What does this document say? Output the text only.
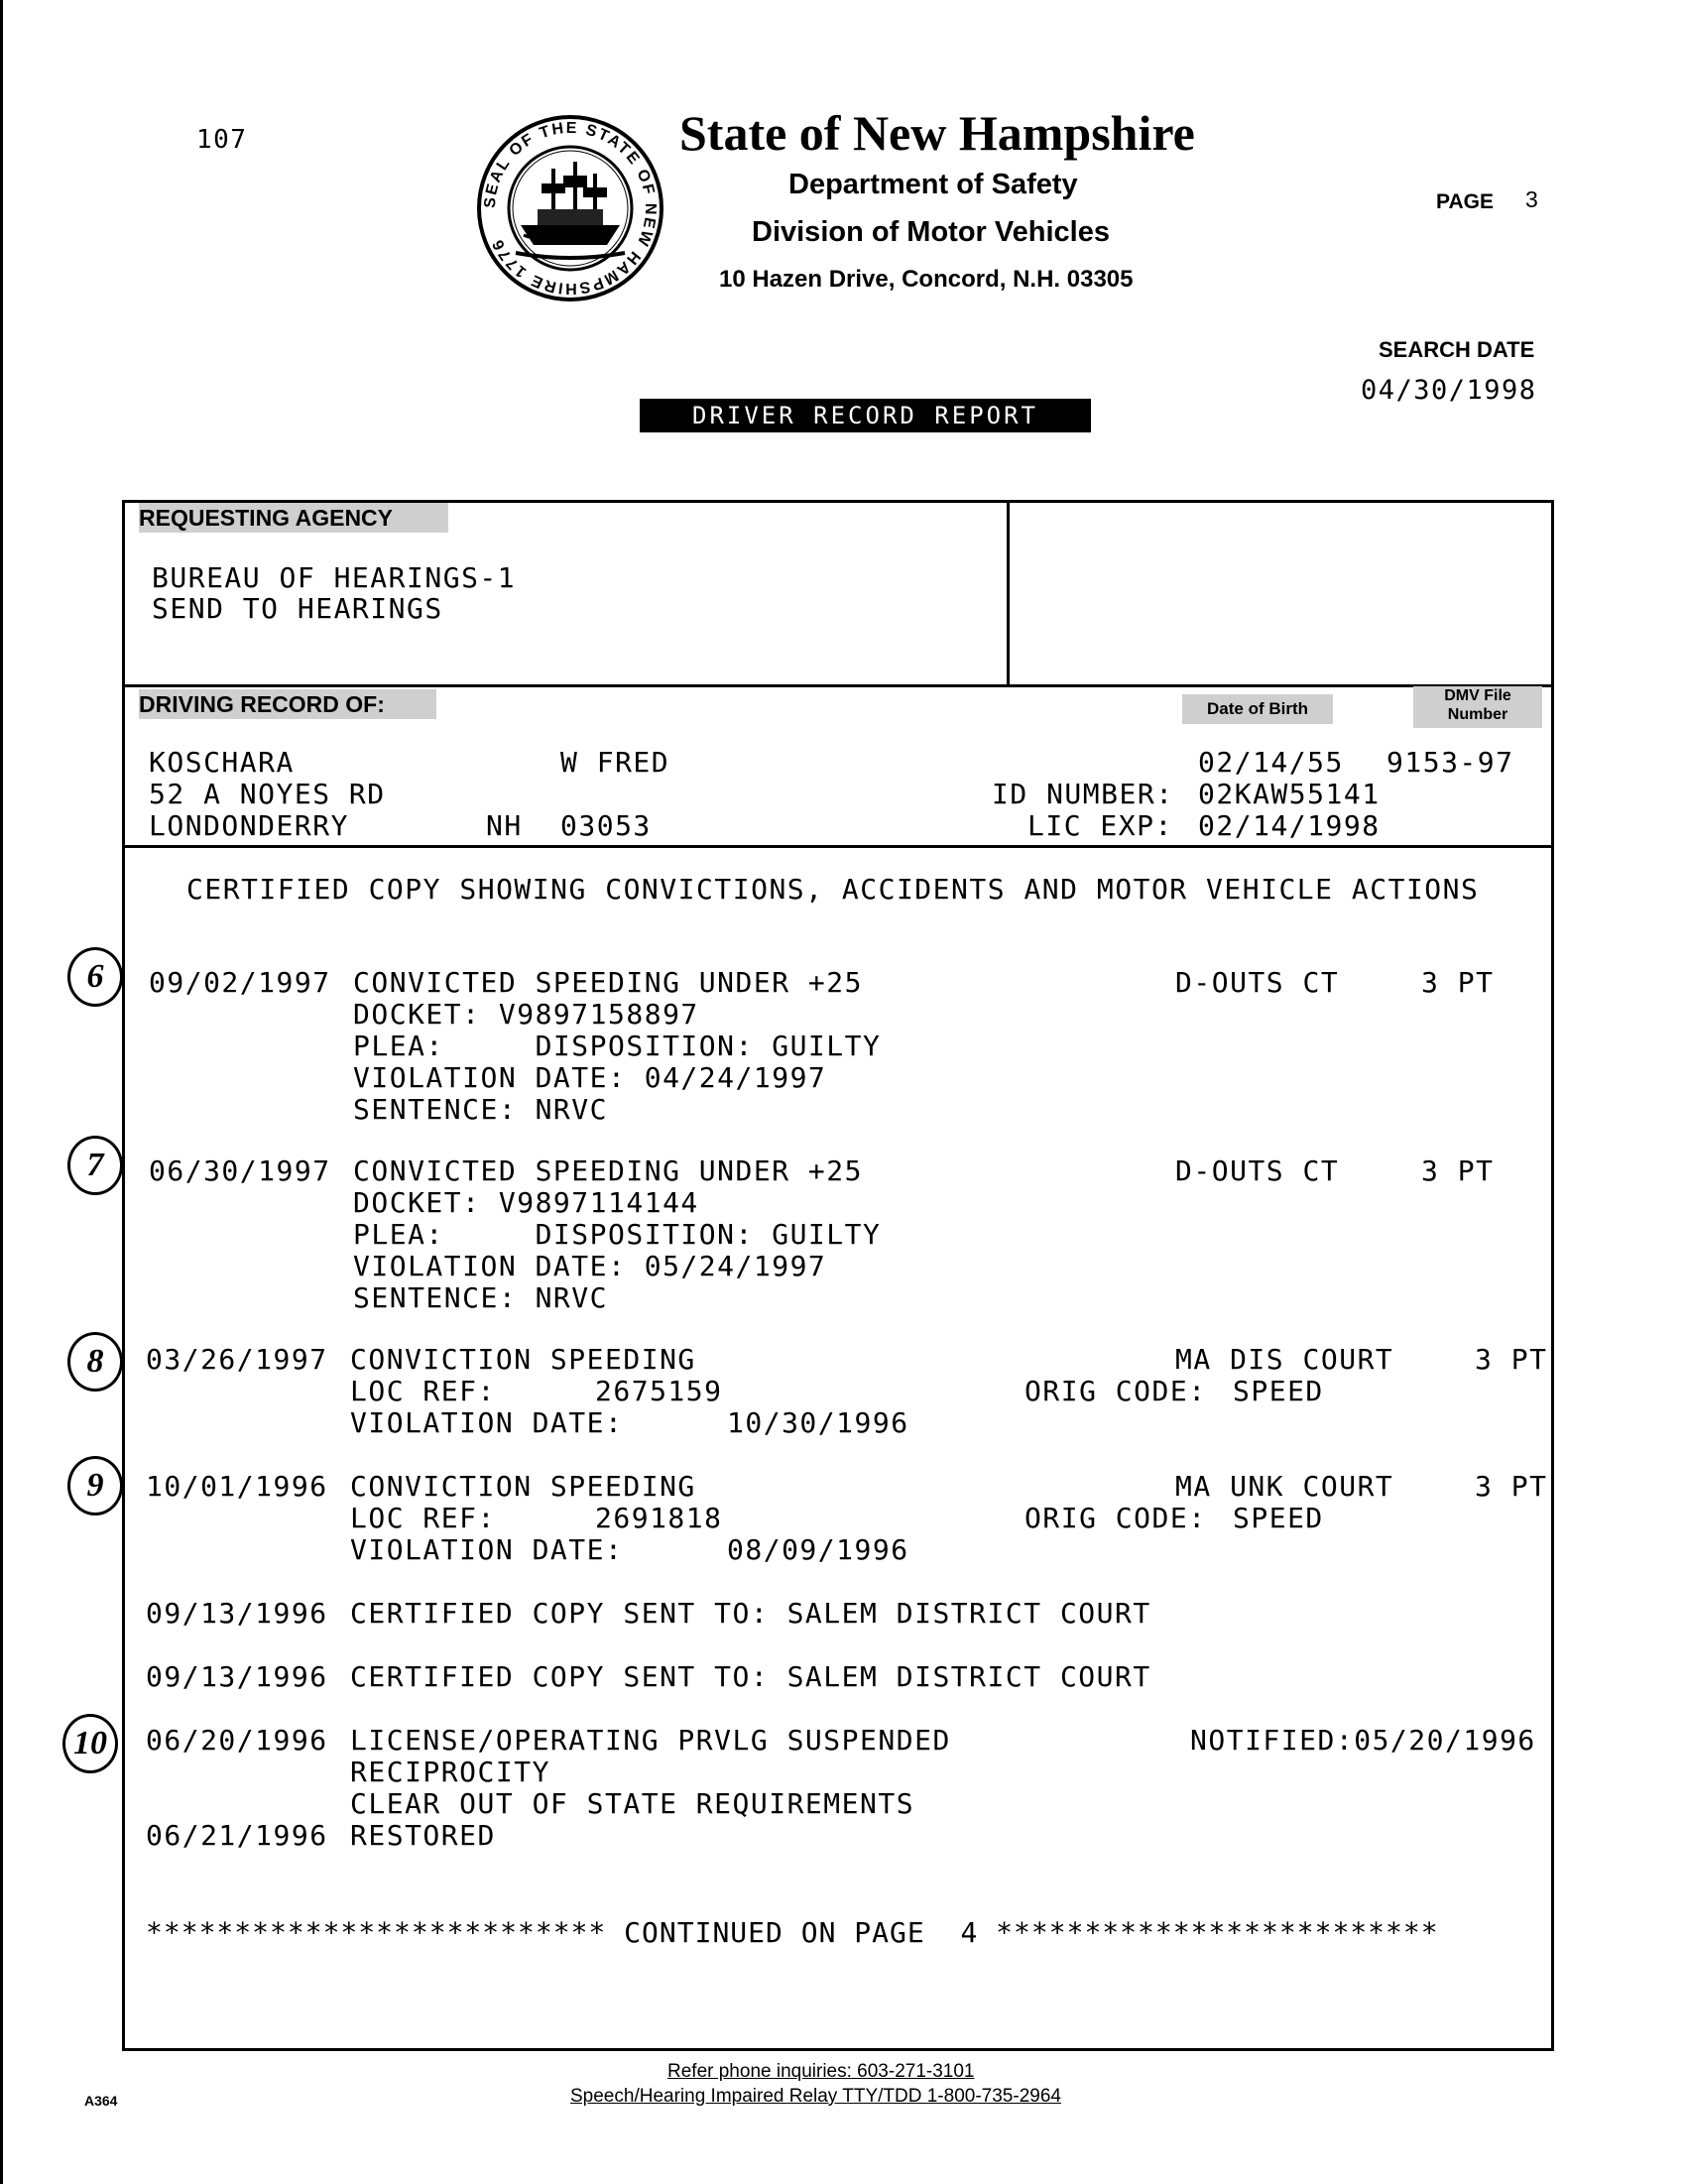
107
SEAL OF THE STATE OF NEW HAMPSHIRE 1776
State of New Hampshire
Department of Safety
Division of Motor Vehicles
10 Hazen Drive, Concord, N.H. 03305
PAGE 3
SEARCH DATE
04/30/1998
DRIVER RECORD REPORT
REQUESTING AGENCY
BUREAU OF HEARINGS-1
SEND TO HEARINGS
DRIVING RECORD OF:	Date of Birth
DMV File Number
KOSCHARA	W FRED	02/14/55 9153-97
52 A NOYES RD	ID NUMBER: 02KAW55141
LONDONDERRY	NH 03053	LIC EXP: 02/14/1998
CERTIFIED COPY SHOWING CONVICTIONS, ACCIDENTS AND MOTOR VEHICLE ACTIONS
6	09/02/1997 CONVICTED SPEEDING UNDER +25	D-OUTS CT	3 PT
DOCKET: V9897158897
PLEA:     DISPOSITION: GUILTY
VIOLATION DATE: 04/24/1997
SENTENCE: NRVC
7	06/30/1997 CONVICTED SPEEDING UNDER +25	D-OUTS CT	3 PT
DOCKET: V9897114144
PLEA:     DISPOSITION: GUILTY
VIOLATION DATE: 05/24/1997
SENTENCE: NRVC
8	03/26/1997 CONVICTION SPEEDING	MA DIS COURT	3 PT
LOC REF:	2675159	ORIG CODE: SPEED
VIOLATION DATE:	10/30/1996
9	10/01/1996 CONVICTION SPEEDING	MA UNK COURT	3 PT
LOC REF:	2691818	ORIG CODE: SPEED
VIOLATION DATE:	08/09/1996
09/13/1996 CERTIFIED COPY SENT TO: SALEM DISTRICT COURT
09/13/1996 CERTIFIED COPY SENT TO: SALEM DISTRICT COURT
10	06/20/1996 LICENSE/OPERATING PRVLG SUSPENDED	NOTIFIED:05/20/1996
RECIPROCITY
CLEAR OUT OF STATE REQUIREMENTS
06/21/1996 RESTORED
************************** CONTINUED ON PAGE  4 *************************
A364
Refer phone inquiries: 603-271-3101
Speech/Hearing Impaired Relay TTY/TDD 1-800-735-2964
